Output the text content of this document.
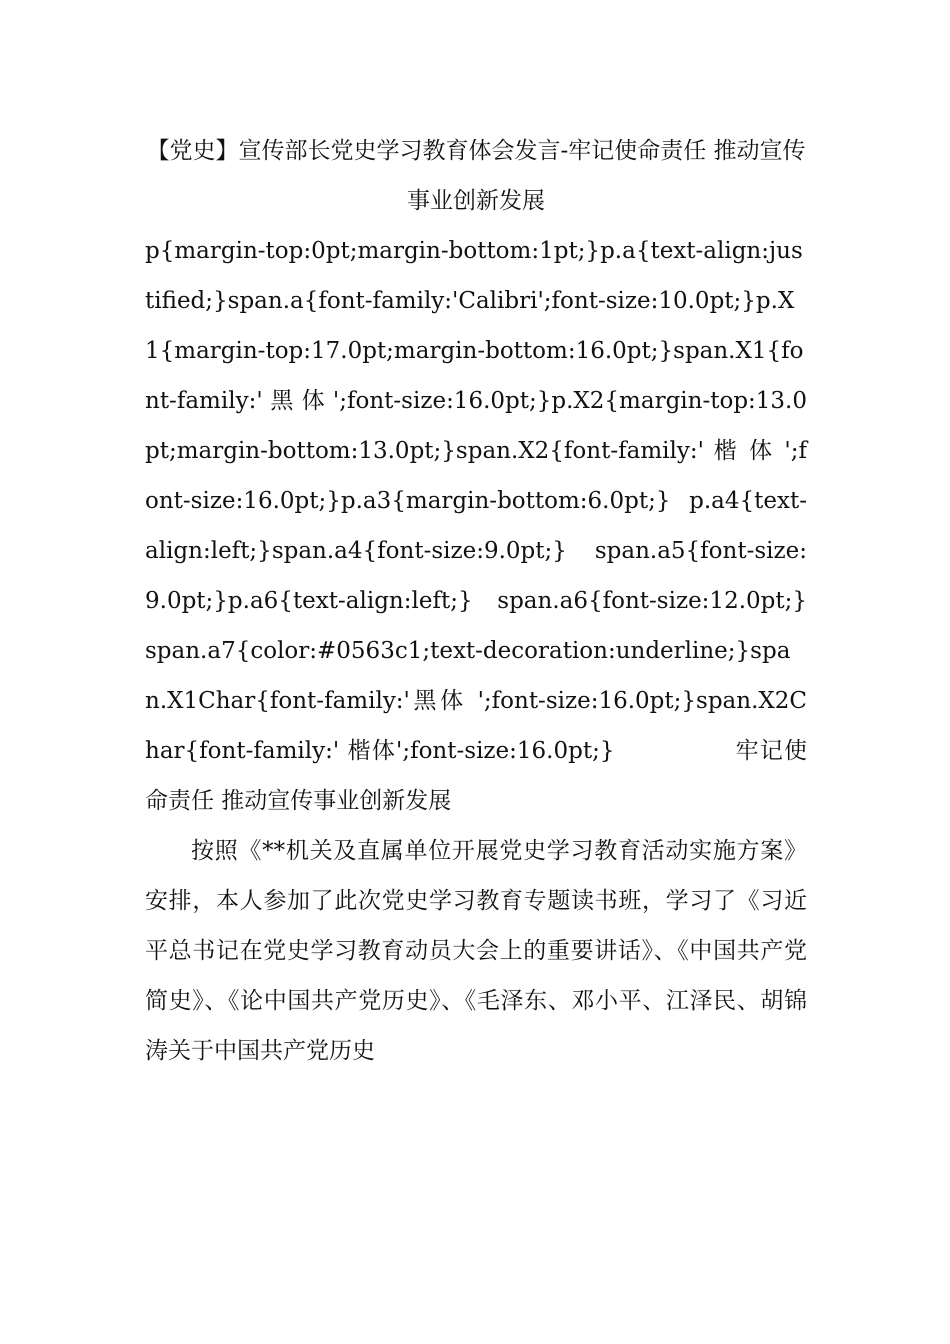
【党史】宣传部长党史学习教育体会发言-牢记使命责任 推动宣传事业创新发展

p{margin-top:0pt;margin-bottom:1pt;}p.a{text-align:justified;}span.a{font-family:'Calibri';font-size:10.0pt;}p.X1{margin-top:17.0pt;margin-bottom:16.0pt;}span.X1{font-family:' 黑 体 ';font-size:16.0pt;}p.X2{margin-top:13.0pt;margin-bottom:13.0pt;}span.X2{font-family:' 楷 体 ';font-size:16.0pt;}p.a3{margin-bottom:6.0pt;} p.a4{text-align:left;}span.a4{font-size:9.0pt;} span.a5{font-size:9.0pt;}p.a6{text-align:left;} span.a6{font-size:12.0pt;} span.a7{color:#0563c1;text-decoration:underline;}span.X1Char{font-family:'黑体 ';font-size:16.0pt;}span.X2Char{font-family:' 楷体';font-size:16.0pt;}	牢记使命责任 推动宣传事业创新发展

按照《**机关及直属单位开展党史学习教育活动实施方案》安排，本人参加了此次党史学习教育专题读书班，学习了《习近平总书记在党史学习教育动员大会上的重要讲话》、《中国共产党简史》、《论中国共产党历史》、《毛泽东、邓小平、江泽民、胡锦涛关于中国共产党历史
